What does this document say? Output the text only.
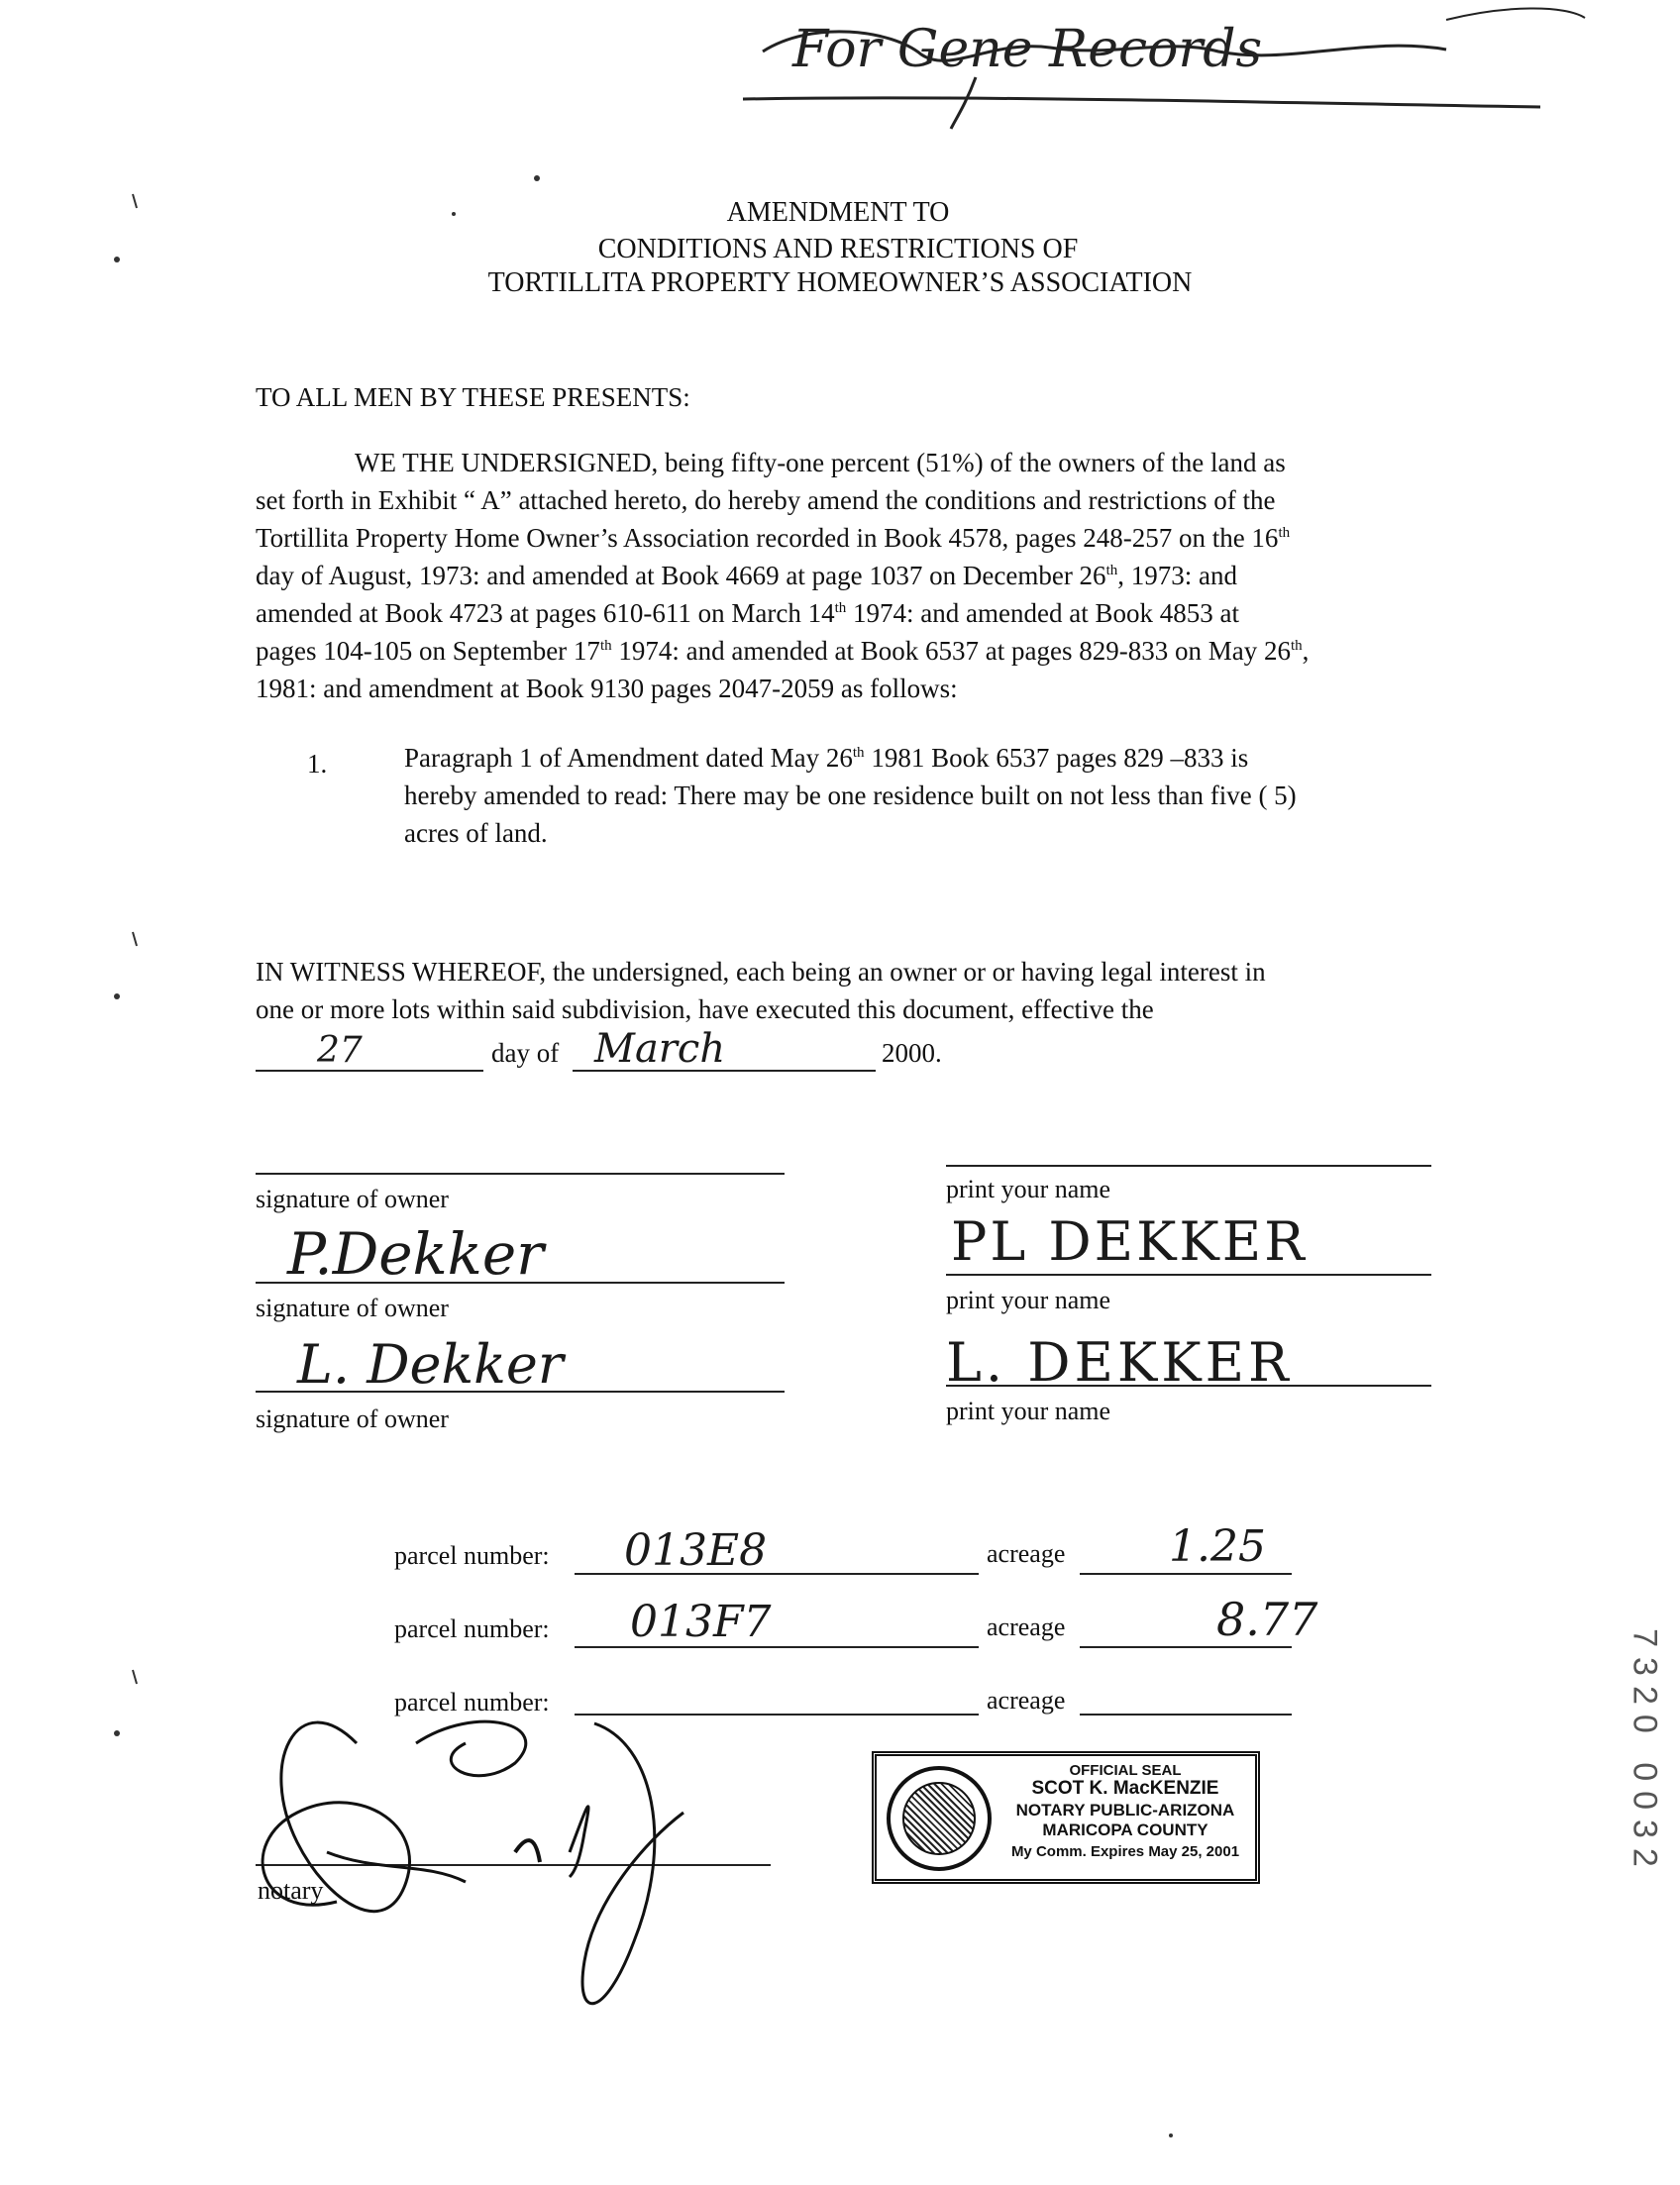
For Gene Records
AMENDMENT TO
CONDITIONS AND RESTRICTIONS OF
TORTILLITA PROPERTY HOMEOWNER’S ASSOCIATION
TO ALL MEN BY THESE PRESENTS:
WE THE UNDERSIGNED, being fifty-one percent (51%) of the owners of the land as
set forth in Exhibit “ A” attached hereto, do hereby amend the conditions and restrictions of the
Tortillita Property Home Owner’s Association recorded in Book 4578, pages 248-257 on the 16th
day of August, 1973: and amended at Book 4669 at page 1037 on December 26th, 1973: and
amended at Book 4723 at pages 610-611 on March 14th 1974: and amended at Book 4853 at
pages 104-105 on September 17th 1974: and amended at Book 6537 at pages 829-833 on May 26th,
1981: and amendment at Book 9130 pages 2047-2059 as follows:
1.	Paragraph 1 of Amendment dated May 26th 1981 Book 6537 pages 829 –833 is
hereby amended to read: There may be one residence built on not less than five ( 5)
acres of land.
IN WITNESS WHEREOF, the undersigned, each being an owner or or having legal interest in
one or more lots within said subdivision, have executed this document, effective the
27	day of March	2000.
signature of owner	print your name
P.Dekker	PL DEKKER
signature of owner	print your name
L. Dekker	L. DEKKER
signature of owner	print your name
parcel number: 013E8	acreage 1.25
parcel number: 013F7	acreage	8.77
parcel number:	acreage
notary
OFFICIAL SEAL
SCOT K. MacKENZIE
NOTARY PUBLIC-ARIZONA
MARICOPA COUNTY
My Comm. Expires May 25, 2001	7320 0032
